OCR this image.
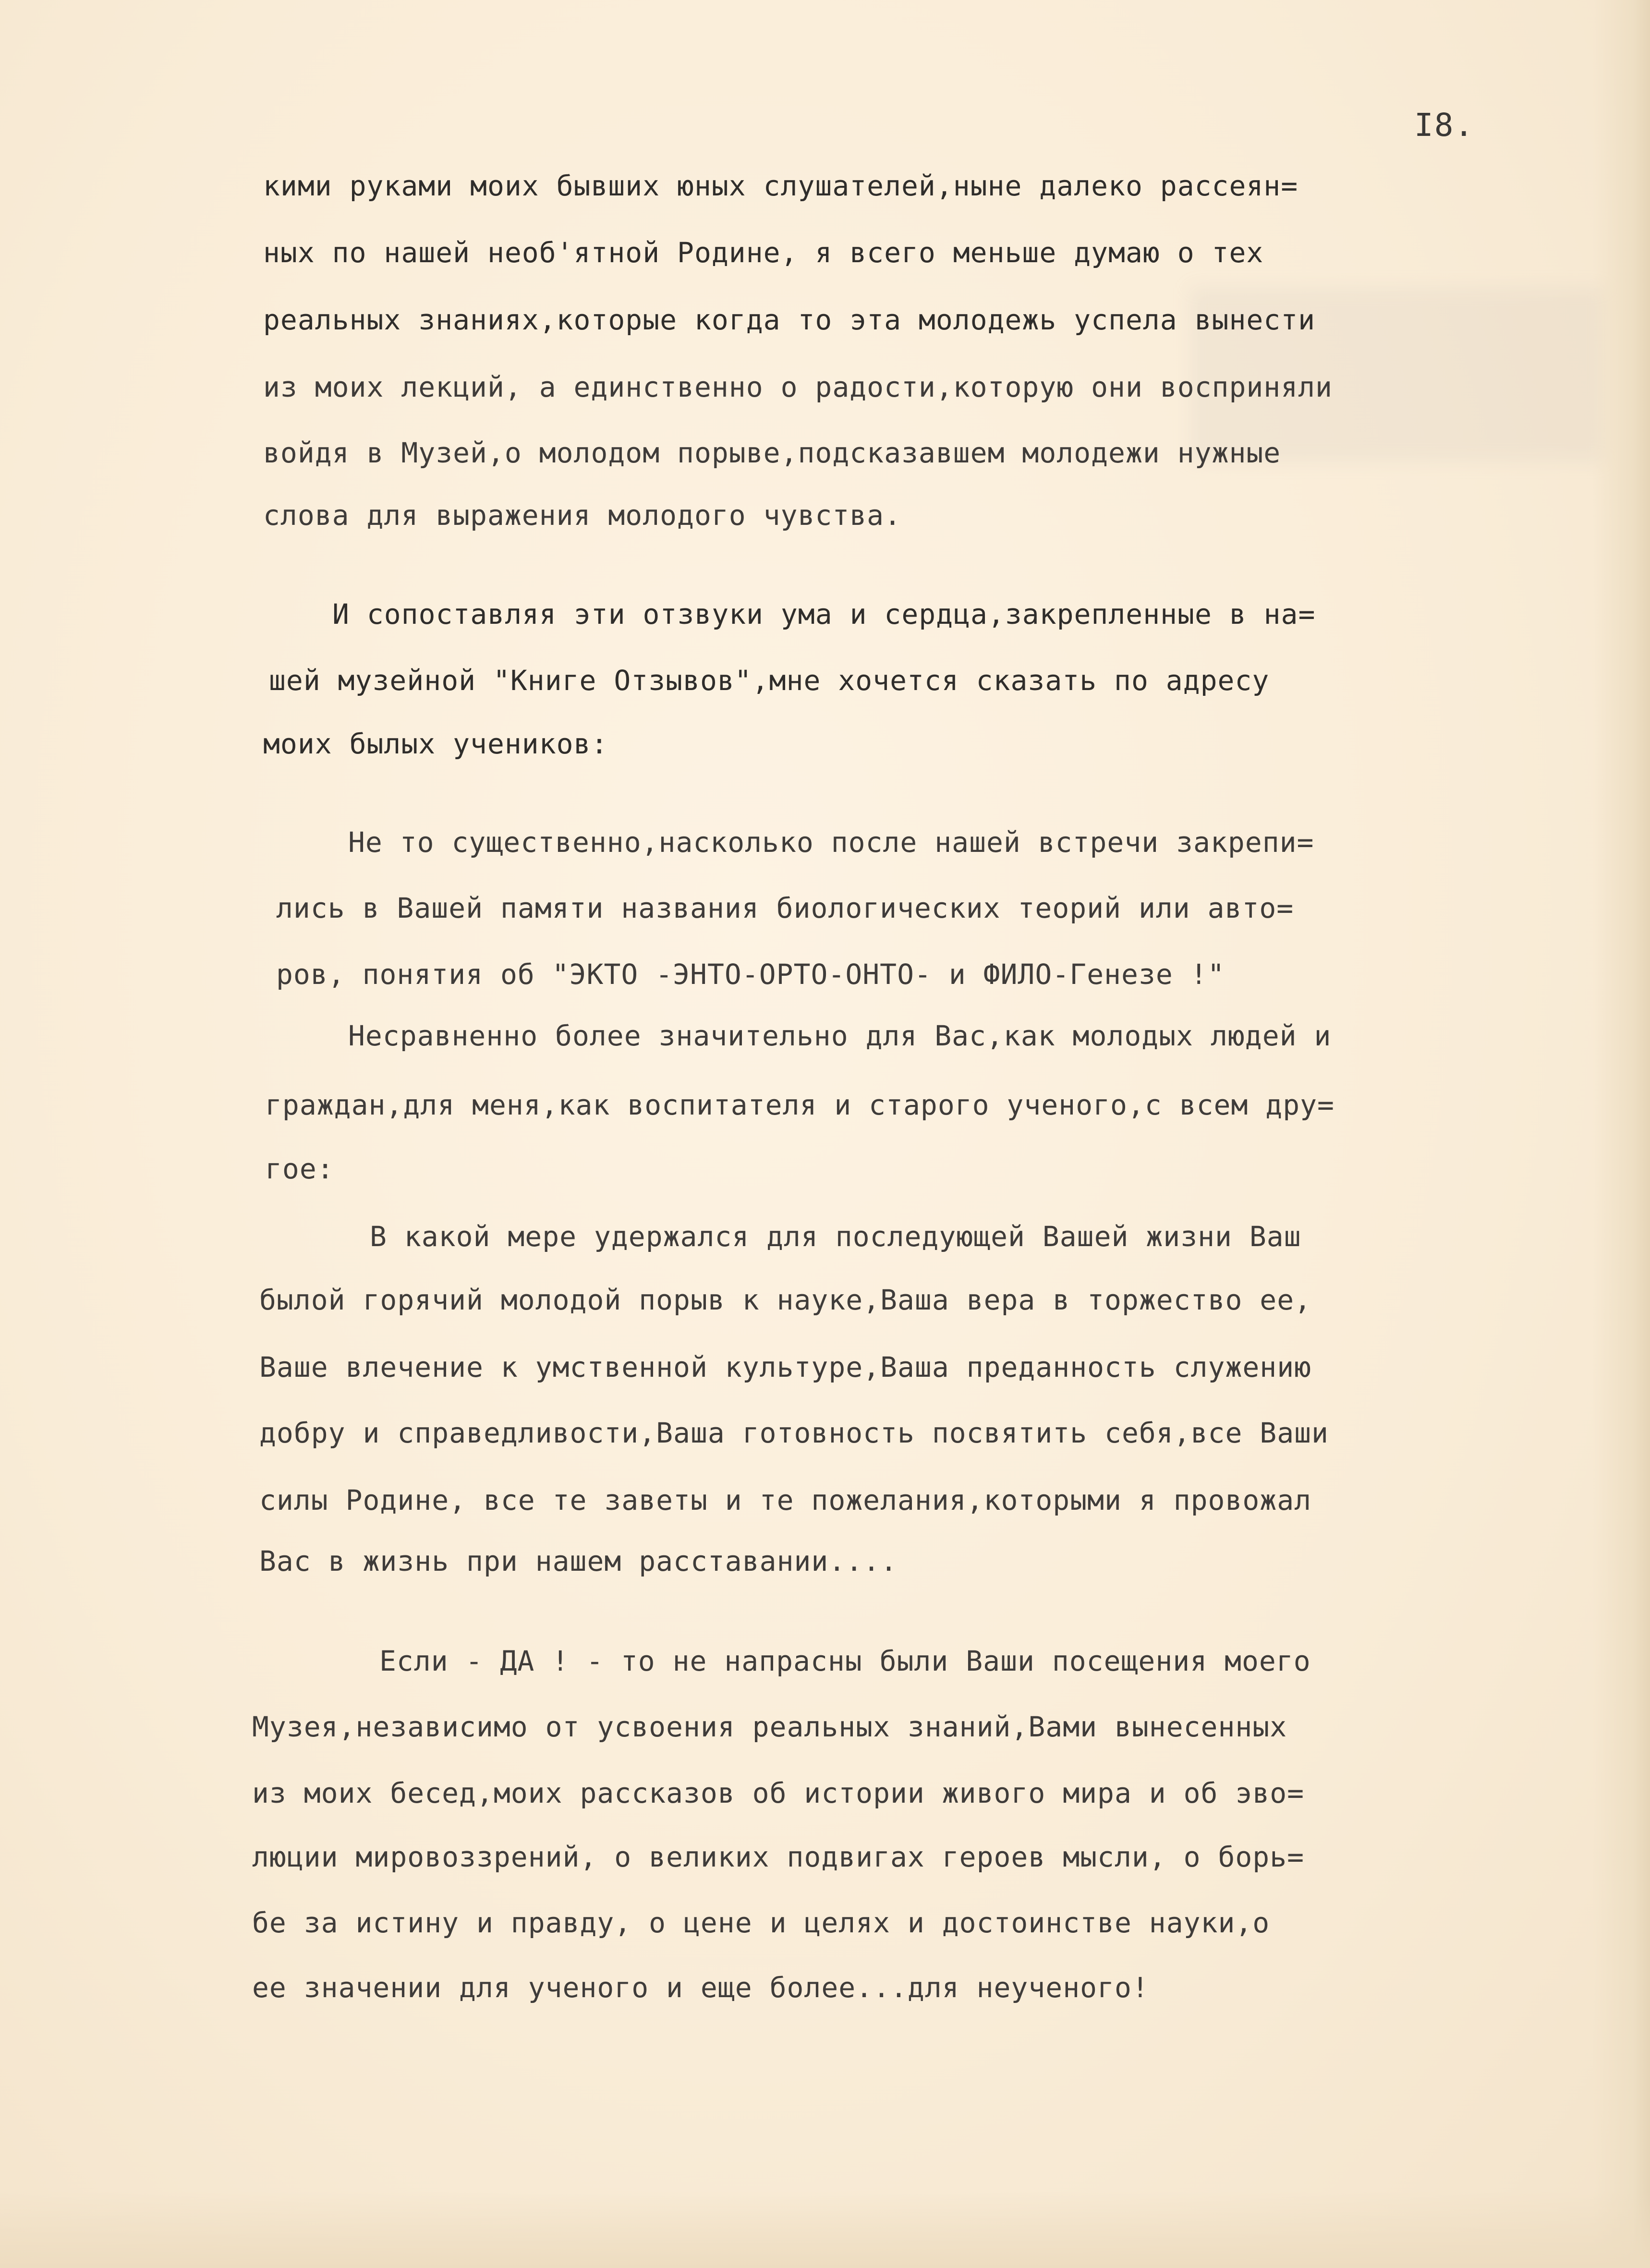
I8.
кими руками моих бывших юных слушателей,ныне далеко рассеян=
ных по нашей необ'ятной Родине, я всего меньше думаю о тех
реальных знаниях,которые когда то эта молодежь успела вынести
из моих лекций, а единственно о радости,которую они восприняли
войдя в Музей,о молодом порыве,подсказавшем молодежи нужные
слова для выражения молодого чувства.
И сопоставляя эти отзвуки ума и сердца,закрепленные в на=
шей музейной "Книге Отзывов",мне хочется сказать по адресу
моих былых учеников:
Не то существенно,насколько после нашей встречи закрепи=
лись в Вашей памяти названия биологических теорий или авто=
ров, понятия об "ЭКТО -ЭНТО-ОРТО-ОНТО- и ФИЛО-Генезе !"
Несравненно более значительно для Вас,как молодых людей и
граждан,для меня,как воспитателя и старого ученого,с всем дру=
гое:
В какой мере удержался для последующей Вашей жизни Ваш
былой горячий молодой порыв к науке,Ваша вера в торжество ее,
Ваше влечение к умственной культуре,Ваша преданность служению
добру и справедливости,Ваша готовность посвятить себя,все Ваши
силы Родине, все те заветы и те пожелания,которыми я провожал
Вас в жизнь при нашем расставании....
Если - ДА ! - то не напрасны были Ваши посещения моего
Музея,независимо от усвоения реальных знаний,Вами вынесенных
из моих бесед,моих рассказов об истории живого мира и об эво=
люции мировоззрений, о великих подвигах героев мысли, о борь=
бе за истину и правду, о цене и целях и достоинстве науки,о
ее значении для ученого и еще более...для неученого!
